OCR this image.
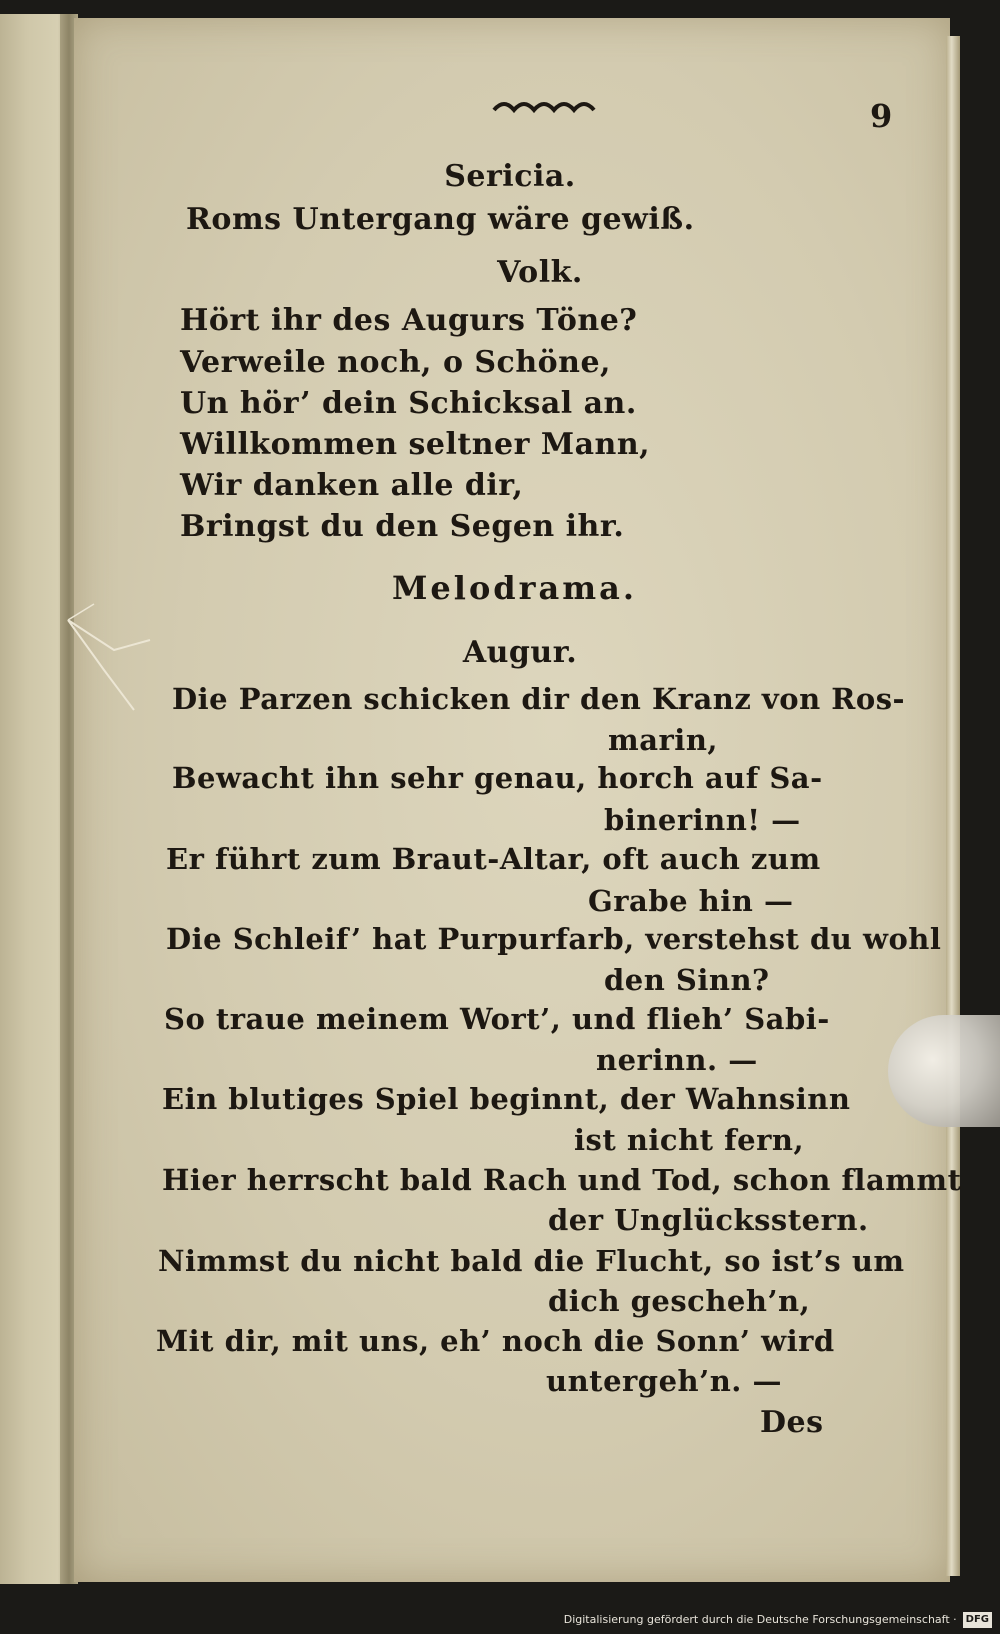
9
Sericia.
Roms Untergang wäre gewiß.
Volk.
Hört ihr des Augurs Töne?
Verweile noch, o Schöne,
Un hör’ dein Schicksal an.
Willkommen seltner Mann,
Wir danken alle dir,
Bringst du den Segen ihr.
Melodrama.
Augur.
Die Parzen schicken dir den Kranz von Ros-
marin,
Bewacht ihn sehr genau, horch auf Sa-
binerinn! —
Er führt zum Braut-Altar, oft auch zum
Grabe hin —
Die Schleif’ hat Purpurfarb, verstehst du wohl
den Sinn?
So traue meinem Wort’, und flieh’ Sabi-
nerinn. —
Ein blutiges Spiel beginnt, der Wahnsinn
ist nicht fern,
Hier herrscht bald Rach und Tod, schon flammt
der Unglücksstern.
Nimmst du nicht bald die Flucht, so ist’s um
dich gescheh’n,
Mit dir, mit uns, eh’ noch die Sonn’ wird
untergeh’n. —
Des
Digitalisierung gefördert durch die Deutsche Forschungsgemeinschaft · DFG
